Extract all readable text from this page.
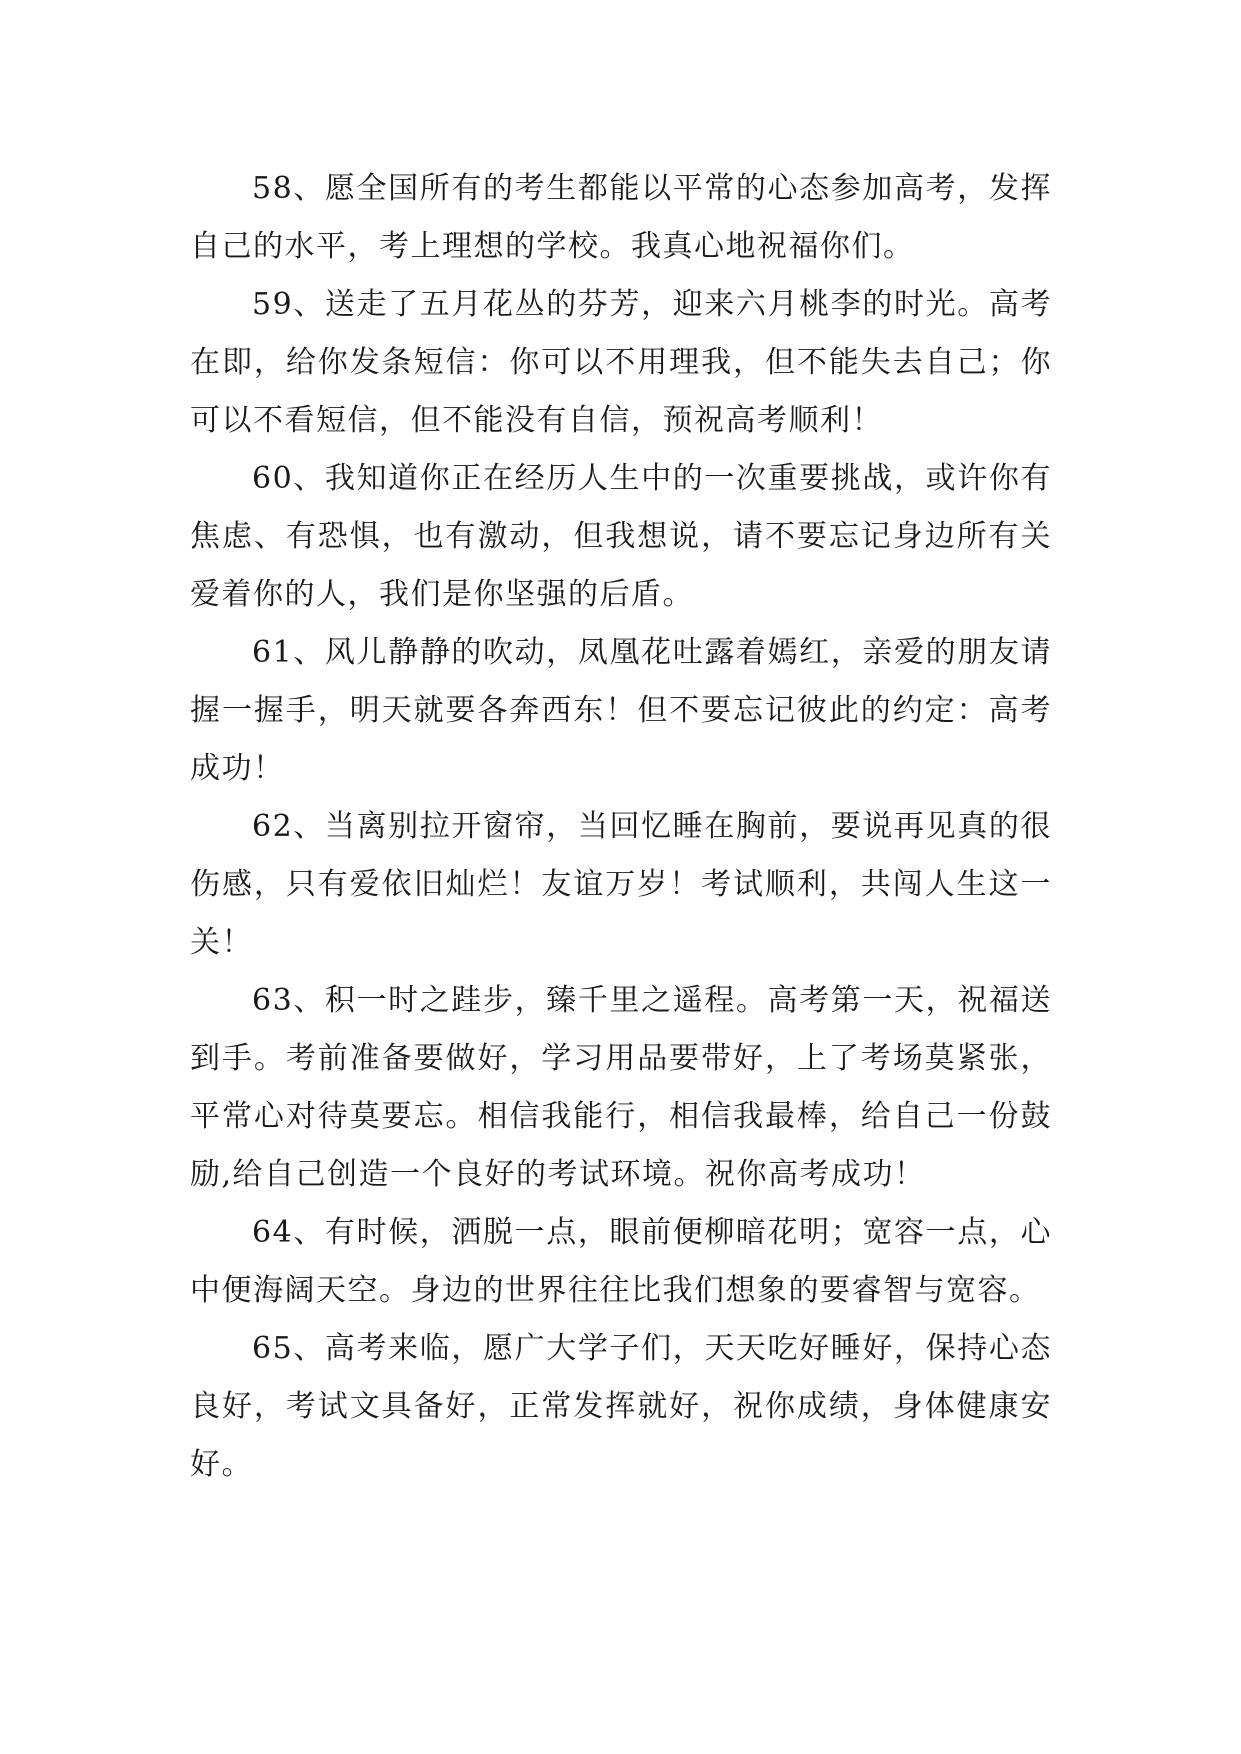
58、愿全国所有的考生都能以平常的心态参加高考，发挥自己的水平，考上理想的学校。我真心地祝福你们。

59、送走了五月花丛的芬芳，迎来六月桃李的时光。高考在即，给你发条短信：你可以不用理我，但不能失去自己；你可以不看短信，但不能没有自信，预祝高考顺利！

60、我知道你正在经历人生中的一次重要挑战，或许你有焦虑、有恐惧，也有激动，但我想说，请不要忘记身边所有关爱着你的人，我们是你坚强的后盾。

61、风儿静静的吹动，凤凰花吐露着嫣红，亲爱的朋友请握一握手，明天就要各奔西东！但不要忘记彼此的约定：高考成功！

62、当离别拉开窗帘，当回忆睡在胸前，要说再见真的很伤感，只有爱依旧灿烂！友谊万岁！考试顺利，共闯人生这一关！

63、积一时之跬步，臻千里之遥程。高考第一天，祝福送到手。考前准备要做好，学习用品要带好，上了考场莫紧张，平常心对待莫要忘。相信我能行，相信我最棒，给自己一份鼓励,给自己创造一个良好的考试环境。祝你高考成功！

64、有时候，洒脱一点，眼前便柳暗花明；宽容一点，心中便海阔天空。身边的世界往往比我们想象的要睿智与宽容。

65、高考来临，愿广大学子们，天天吃好睡好，保持心态良好，考试文具备好，正常发挥就好，祝你成绩，身体健康安好。
